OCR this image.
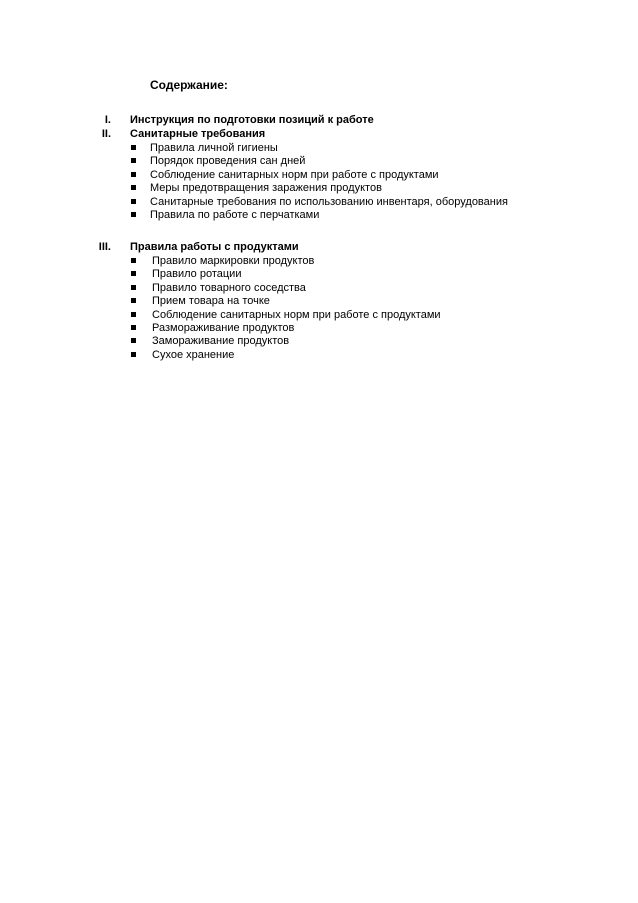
Содержание:
I. Инструкция по подготовки позиций к работе
II. Санитарные требования
Правила личной гигиены
Порядок проведения сан дней
Соблюдение санитарных норм при работе с продуктами
Меры предотвращения заражения продуктов
Санитарные требования по использованию инвентаря, оборудования
Правила по работе с перчатками
III. Правила работы с продуктами
Правило маркировки продуктов
Правило ротации
Правило товарного соседства
Прием товара на точке
Соблюдение санитарных норм при работе с продуктами
Размораживание продуктов
Замораживание продуктов
Сухое хранение
